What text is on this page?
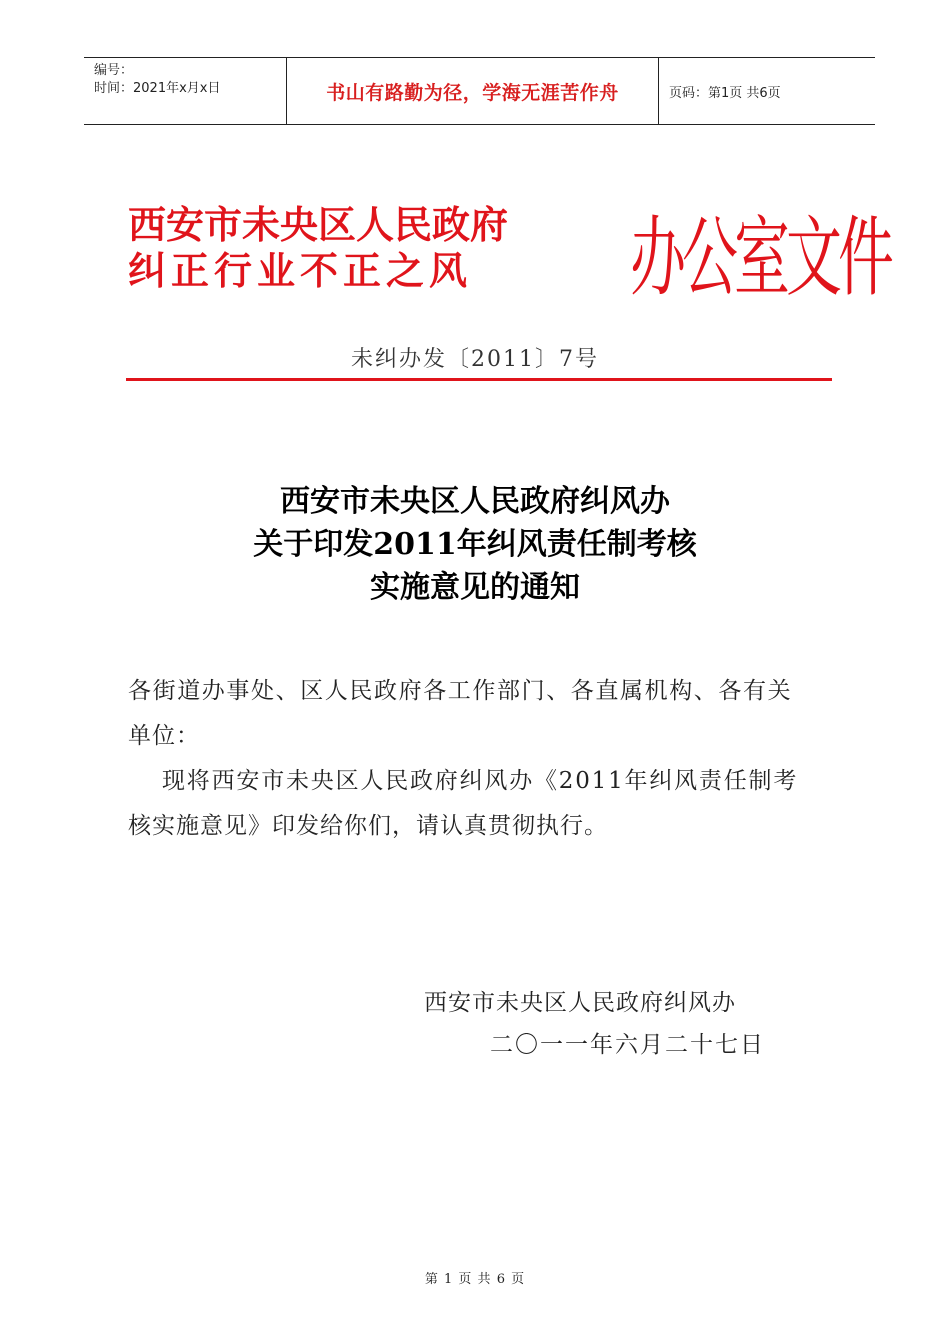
编号：
时间：2021年x月x日	书山有路勤为径，学海无涯苦作舟	页码：第1页 共6页
西安市未央区人民政府
纠正行业不正之风	办公室文件
未纠办发〔2011〕7号
西安市未央区人民政府纠风办
关于印发2011年纠风责任制考核
实施意见的通知
各街道办事处、区人民政府各工作部门、各直属机构、各有关
单位：
现将西安市未央区人民政府纠风办《2011年纠风责任制考
核实施意见》印发给你们，请认真贯彻执行。
西安市未央区人民政府纠风办
二〇一一年六月二十七日
第 1 页 共 6 页
